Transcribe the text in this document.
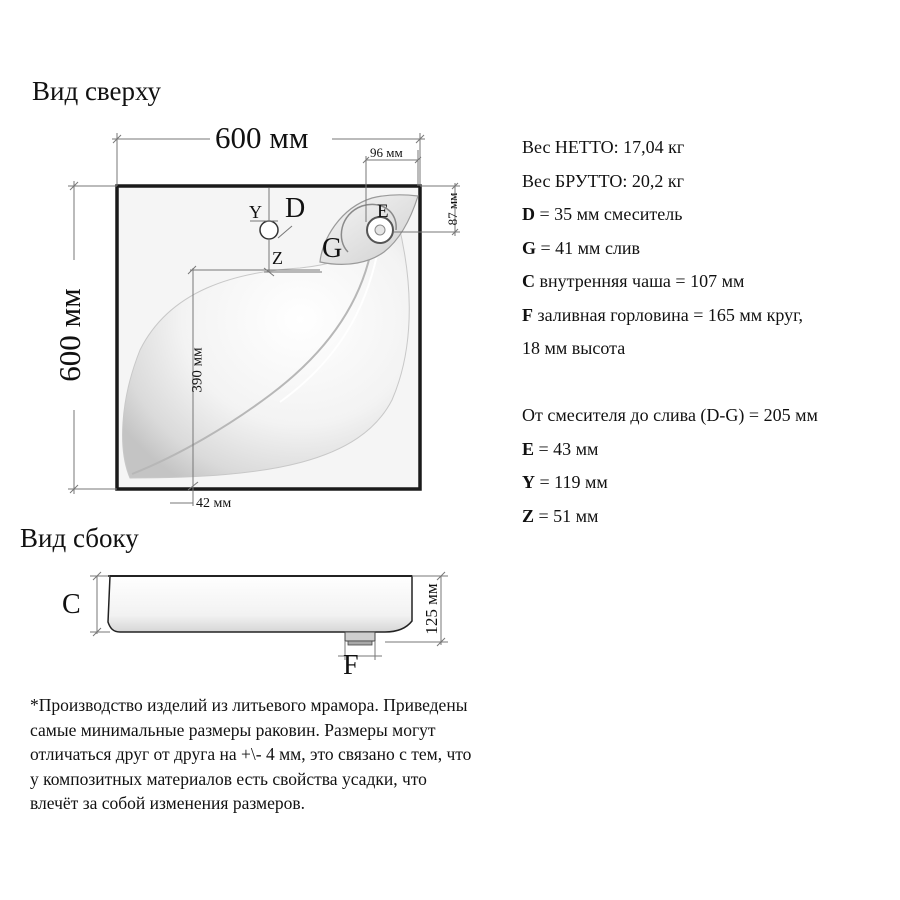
Вид сверху
600 мм
600 мм
96 мм
87 мм
390 мм
42 мм
Y D
Z G
E
Вид сбоку
C
F
125 мм
Вес НЕТТО: 17,04 кг
Вес БРУТТО: 20,2 кг
D = 35 мм смеситель
G = 41 мм слив
C внутренняя чаша = 107 мм
F заливная горловина = 165 мм круг,
18 мм высота
От смесителя до слива (D-G) = 205 мм
E = 43 мм
Y = 119 мм
Z = 51 мм
*Производство изделий из литьевого мрамора. Приведены
самые минимальные размеры раковин. Размеры могут
отличаться друг от друга на +\- 4 мм, это связано с тем, что
у композитных материалов есть свойства усадки, что
влечёт за собой изменения размеров.
